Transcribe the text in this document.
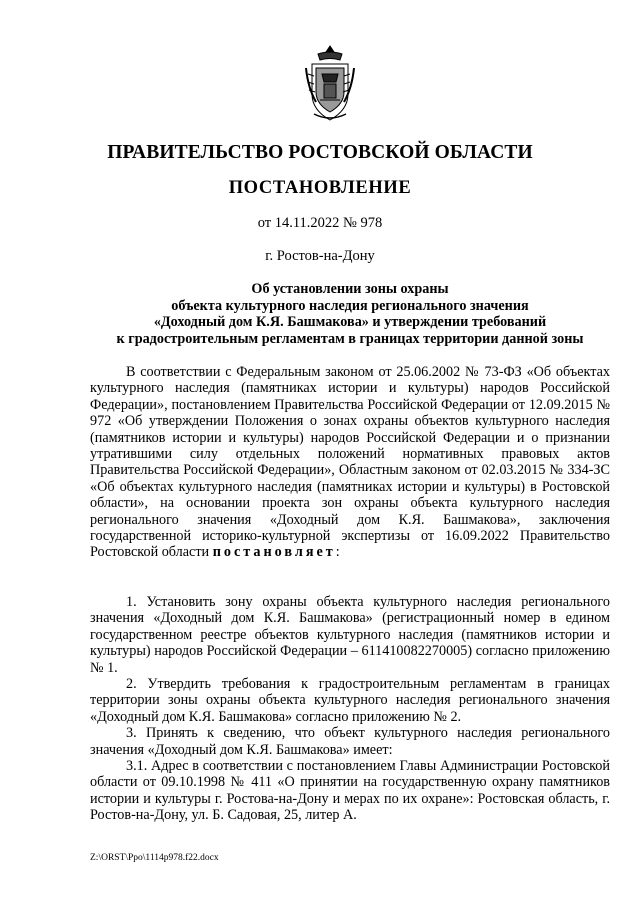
ПРАВИТЕЛЬСТВО РОСТОВСКОЙ ОБЛАСТИ
ПОСТАНОВЛЕНИЕ
от 14.11.2022 № 978
г. Ростов-на-Дону
Об установлении зоны охраны
объекта культурного наследия регионального значения
«Доходный дом К.Я. Башмакова» и утверждении требований
к градостроительным регламентам в границах территории данной зоны

В соответствии с Федеральным законом от 25.06.2002 № 73-ФЗ «Об объектах культурного наследия (памятниках истории и культуры) народов Российской Федерации», постановлением Правительства Российской Федерации от 12.09.2015 № 972 «Об утверждении Положения о зонах охраны объектов культурного наследия (памятников истории и культуры) народов Российской Федерации и о признании утратившими силу отдельных положений нормативных правовых актов Правительства Российской Федерации», Областным законом от 02.03.2015 № 334-ЗС «Об объектах культурного наследия (памятниках истории и культуры) в Ростовской области», на основании проекта зон охраны объекта культурного наследия регионального значения «Доходный дом К.Я. Башмакова», заключения государственной историко-культурной экспертизы от 16.09.2022 Правительство Ростовской области постановляет:

1. Установить зону охраны объекта культурного наследия регионального значения «Доходный дом К.Я. Башмакова» (регистрационный номер в едином государственном реестре объектов культурного наследия (памятников истории и культуры) народов Российской Федерации – 611410082270005) согласно приложению № 1.

2. Утвердить требования к градостроительным регламентам в границах территории зоны охраны объекта культурного наследия регионального значения «Доходный дом К.Я. Башмакова» согласно приложению № 2.

3. Принять к сведению, что объект культурного наследия регионального значения «Доходный дом К.Я. Башмакова» имеет:

3.1. Адрес в соответствии с постановлением Главы Администрации Ростовской области от 09.10.1998 № 411 «О принятии на государственную охрану памятников истории и культуры г. Ростова-на-Дону и мерах по их охране»: Ростовская область, г. Ростов-на-Дону, ул. Б. Садовая, 25, литер А.

Z:\ORST\Ppo\1114p978.f22.docx
